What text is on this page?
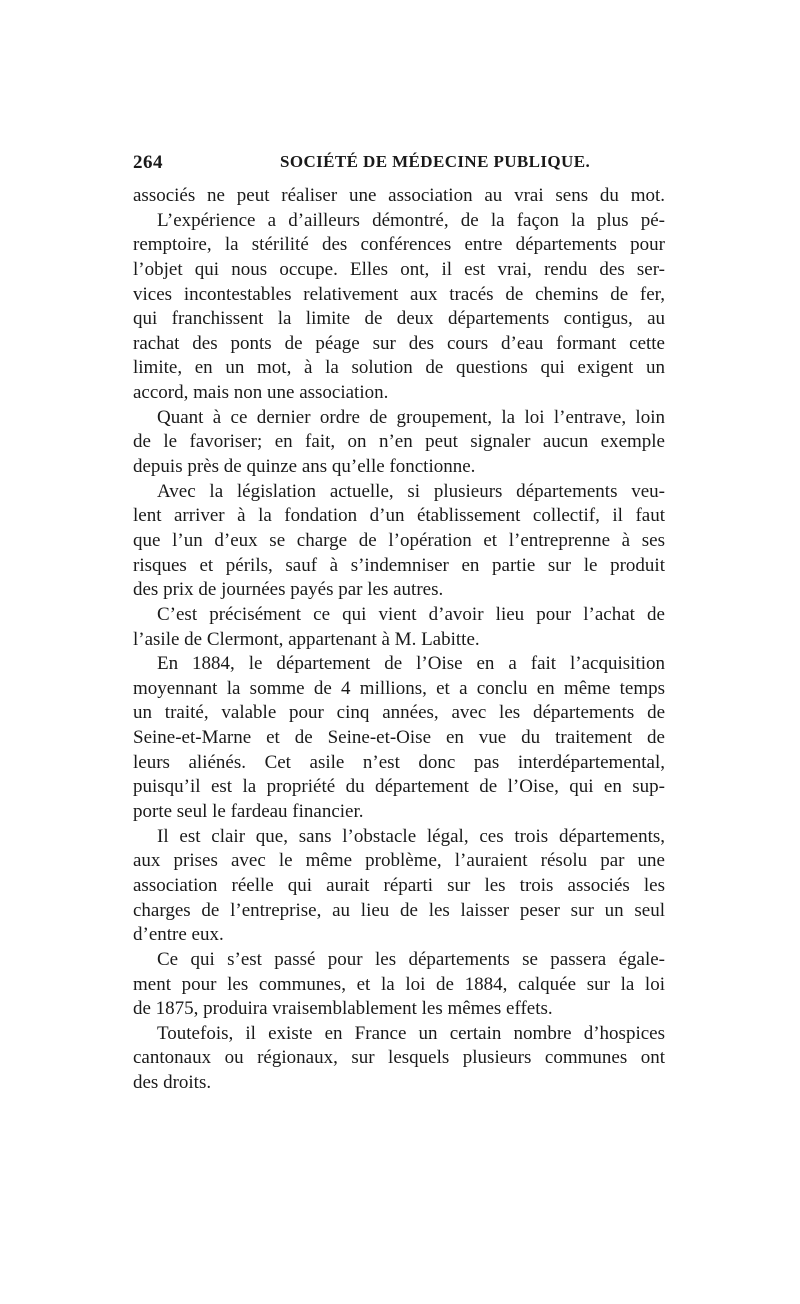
264	SOCIÉTÉ DE MÉDECINE PUBLIQUE.
associés ne peut réaliser une association au vrai sens du mot.
L’expérience a d’ailleurs démontré, de la façon la plus pé-
remptoire, la stérilité des conférences entre départements pour
l’objet qui nous occupe. Elles ont, il est vrai, rendu des ser-
vices incontestables relativement aux tracés de chemins de fer,
qui franchissent la limite de deux départements contigus, au
rachat des ponts de péage sur des cours d’eau formant cette
limite, en un mot, à la solution de questions qui exigent un
accord, mais non une association.
Quant à ce dernier ordre de groupement, la loi l’entrave, loin
de le favoriser; en fait, on n’en peut signaler aucun exemple
depuis près de quinze ans qu’elle fonctionne.
Avec la législation actuelle, si plusieurs départements veu-
lent arriver à la fondation d’un établissement collectif, il faut
que l’un d’eux se charge de l’opération et l’entreprenne à ses
risques et périls, sauf à s’indemniser en partie sur le produit
des prix de journées payés par les autres.
C’est précisément ce qui vient d’avoir lieu pour l’achat de
l’asile de Clermont, appartenant à M. Labitte.
En 1884, le département de l’Oise en a fait l’acquisition
moyennant la somme de 4 millions, et a conclu en même temps
un traité, valable pour cinq années, avec les départements de
Seine-et-Marne et de Seine-et-Oise en vue du traitement de
leurs aliénés. Cet asile n’est donc pas interdépartemental,
puisqu’il est la propriété du département de l’Oise, qui en sup-
porte seul le fardeau financier.
Il est clair que, sans l’obstacle légal, ces trois départements,
aux prises avec le même problème, l’auraient résolu par une
association réelle qui aurait réparti sur les trois associés les
charges de l’entreprise, au lieu de les laisser peser sur un seul
d’entre eux.
Ce qui s’est passé pour les départements se passera égale-
ment pour les communes, et la loi de 1884, calquée sur la loi
de 1875, produira vraisemblablement les mêmes effets.
Toutefois, il existe en France un certain nombre d’hospices
cantonaux ou régionaux, sur lesquels plusieurs communes ont
des droits.
